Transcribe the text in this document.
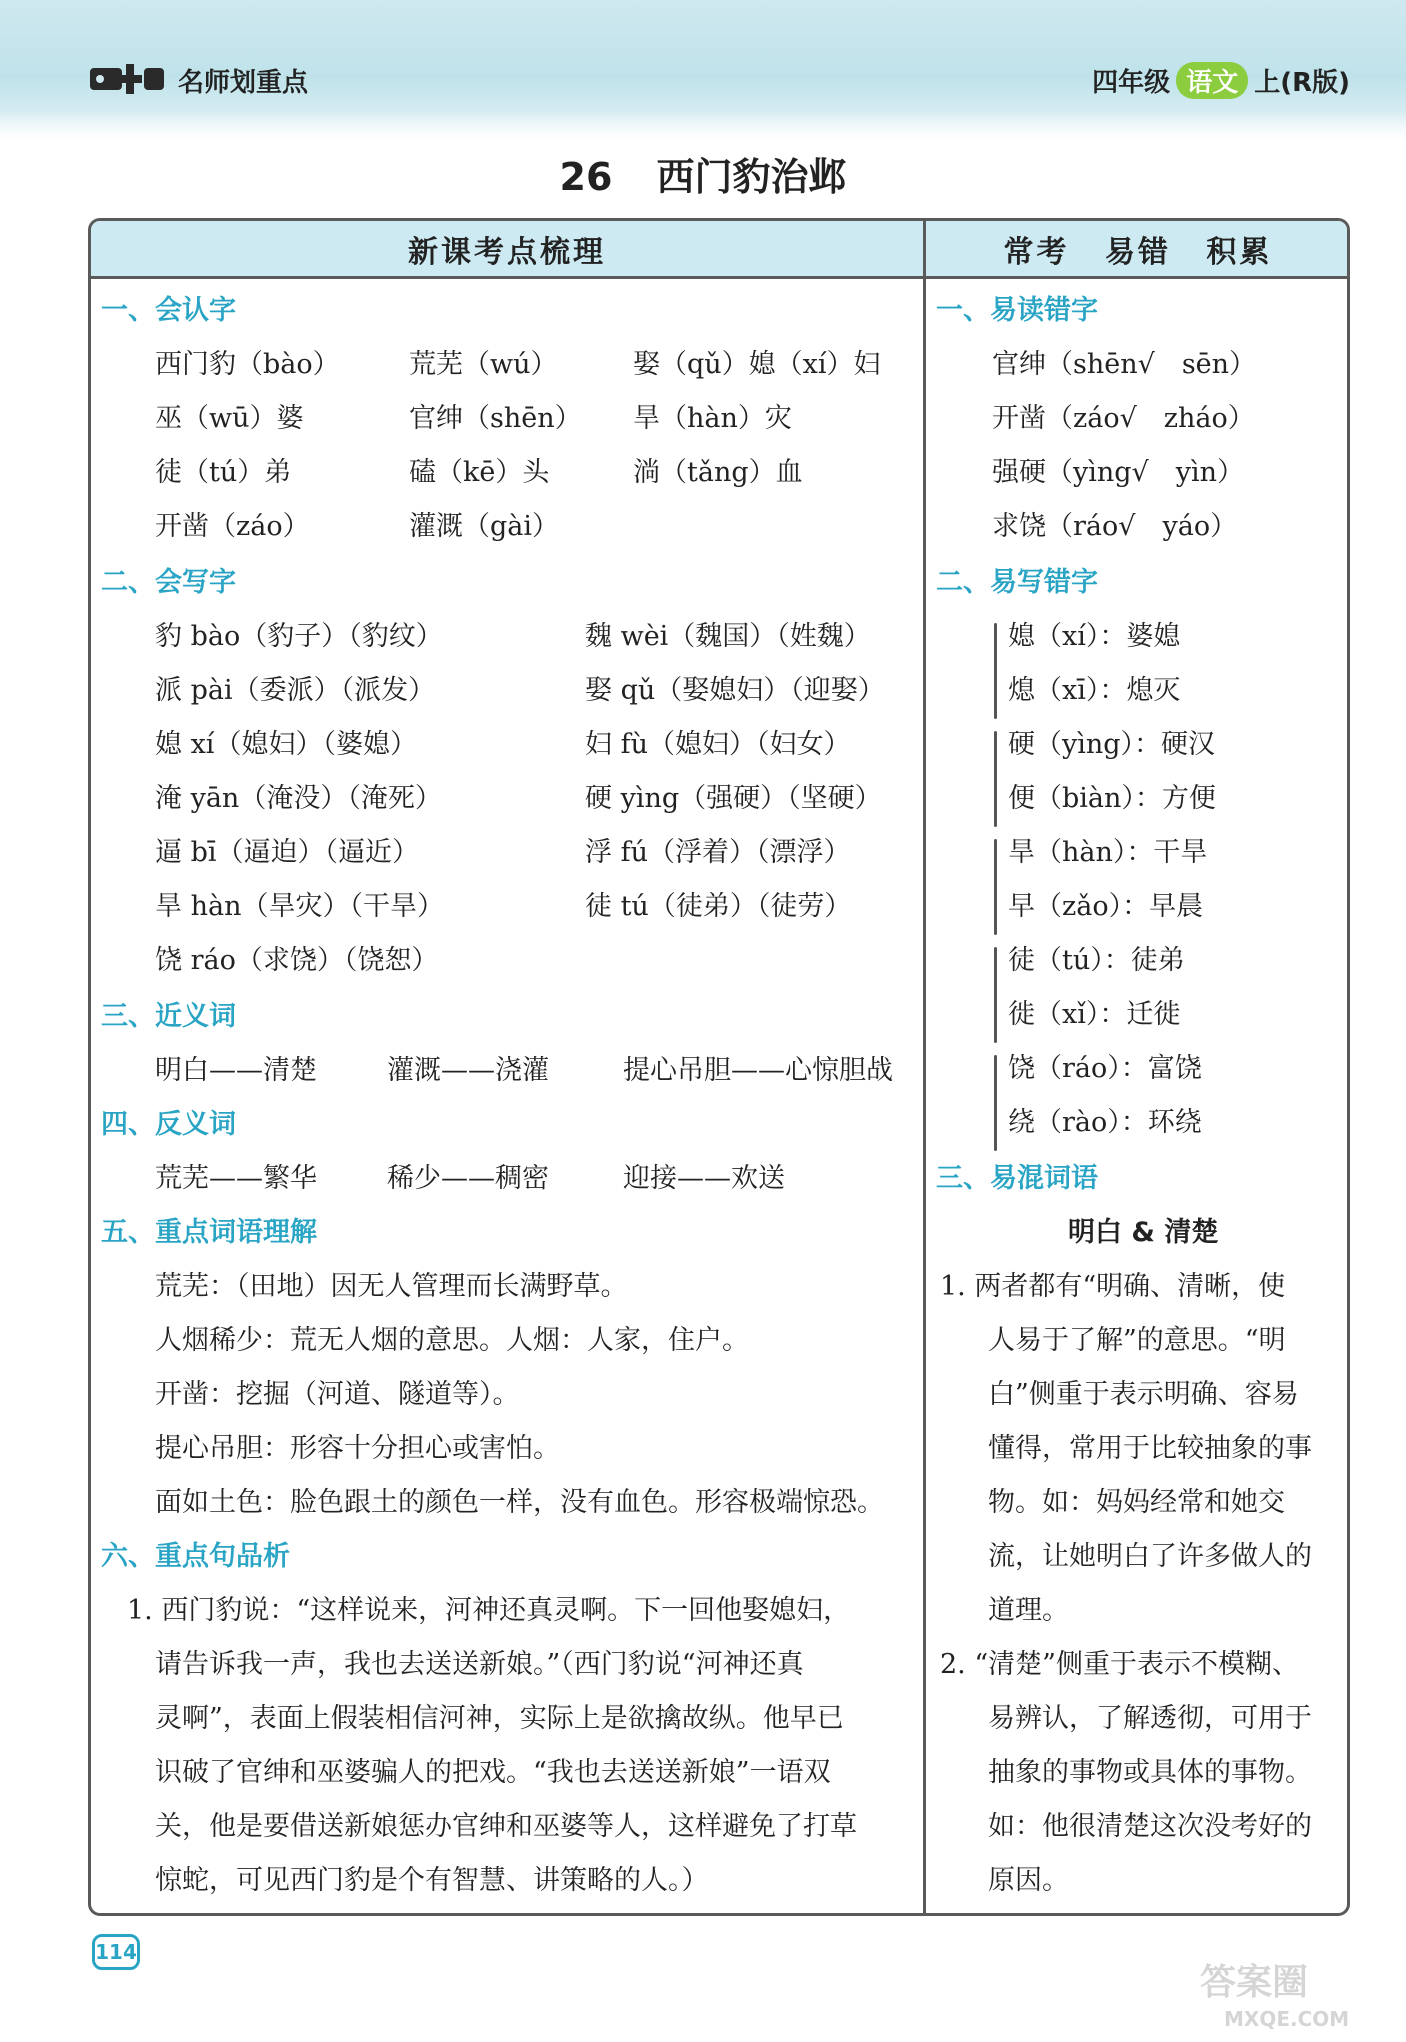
名师划重点	四年级 语文 上(R版)
26 西门豹治邺
新课考点梳理	常考 易错 积累
一、会认字
西门豹（bào）	荒芜（wú）	娶（qǔ）媳（xí）妇
巫（wū）婆	官绅（shēn） 旱（hàn）灾
徒（tú）弟	磕（kē）头	淌（tǎng）血
开凿（záo）	灌溉（gài）
二、会写字
豹 bào（豹子）（豹纹）	魏 wèi（魏国）（姓魏）
派 pài（委派）（派发）	娶 qǔ（娶媳妇）（迎娶）
媳 xí（媳妇）（婆媳）	妇 fù（媳妇）（妇女）
淹 yān（淹没）（淹死）	硬 yìng（强硬）（坚硬）
逼 bī（逼迫）（逼近）	浮 fú（浮着）（漂浮）
旱 hàn（旱灾）（干旱）	徒 tú（徒弟）（徒劳）
饶 ráo（求饶）（饶恕）
三、近义词
明白——清楚	灌溉——浇灌	提心吊胆——心惊胆战
四、反义词
荒芜——繁华	稀少——稠密	迎接——欢送
五、重点词语理解
荒芜：（田地）因无人管理而长满野草。
人烟稀少：荒无人烟的意思。人烟：人家，住户。
开凿：挖掘（河道、隧道等）。
提心吊胆：形容十分担心或害怕。
面如土色：脸色跟土的颜色一样，没有血色。形容极端惊恐。
六、重点句品析
1. 西门豹说：“这样说来，河神还真灵啊。下一回他娶媳妇，
请告诉我一声，我也去送送新娘。”（西门豹说“河神还真
灵啊”，表面上假装相信河神，实际上是欲擒故纵。他早已
识破了官绅和巫婆骗人的把戏。“我也去送送新娘”一语双
关，他是要借送新娘惩办官绅和巫婆等人，这样避免了打草
惊蛇，可见西门豹是个有智慧、讲策略的人。）
一、易读错字
官绅（shēn√　sēn）
开凿（záo√　zháo）
强硬（yìng√　yìn）
求饶（ráo√　yáo）
二、易写错字
媳（xí）：婆媳
熄（xī）：熄灭
硬（yìng）：硬汉
便（biàn）：方便
旱（hàn）：干旱
早（zǎo）：早晨
徒（tú）：徒弟
徙（xǐ）：迁徙
饶（ráo）：富饶
绕（rào）：环绕
三、易混词语
明白 & 清楚
1. 两者都有“明确、清晰，使
人易于了解”的意思。“明
白”侧重于表示明确、容易
懂得，常用于比较抽象的事
物。如：妈妈经常和她交
流，让她明白了许多做人的
道理。
2. “清楚”侧重于表示不模糊、
易辨认，了解透彻，可用于
抽象的事物或具体的事物。
如：他很清楚这次没考好的
原因。
114
答案圈
MXQE.COM
